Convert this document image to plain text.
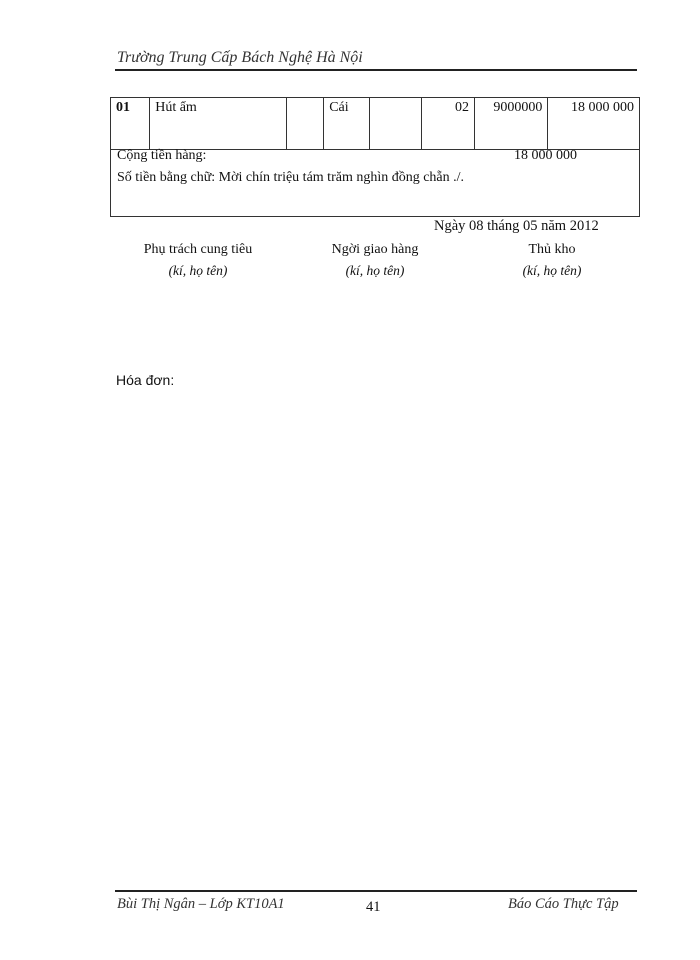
Trường Trung Cấp Bách Nghệ Hà Nội
01	Hút ẩm		Cái		02	9000000	18 000 000
Cộng tiền hàng:	18 000 000
Số tiền bằng chữ: Mời chín triệu tám trăm nghìn đồng chẵn ./.
Ngày 08 tháng 05 năm 2012
Phụ trách cung tiêu
(kí, họ tên)
Ngời giao hàng
(kí, họ tên)
Thủ kho
(kí, họ tên)
Hóa đơn:
Bùi Thị Ngân – Lớp KT10A1	41	Báo Cáo Thực Tập
